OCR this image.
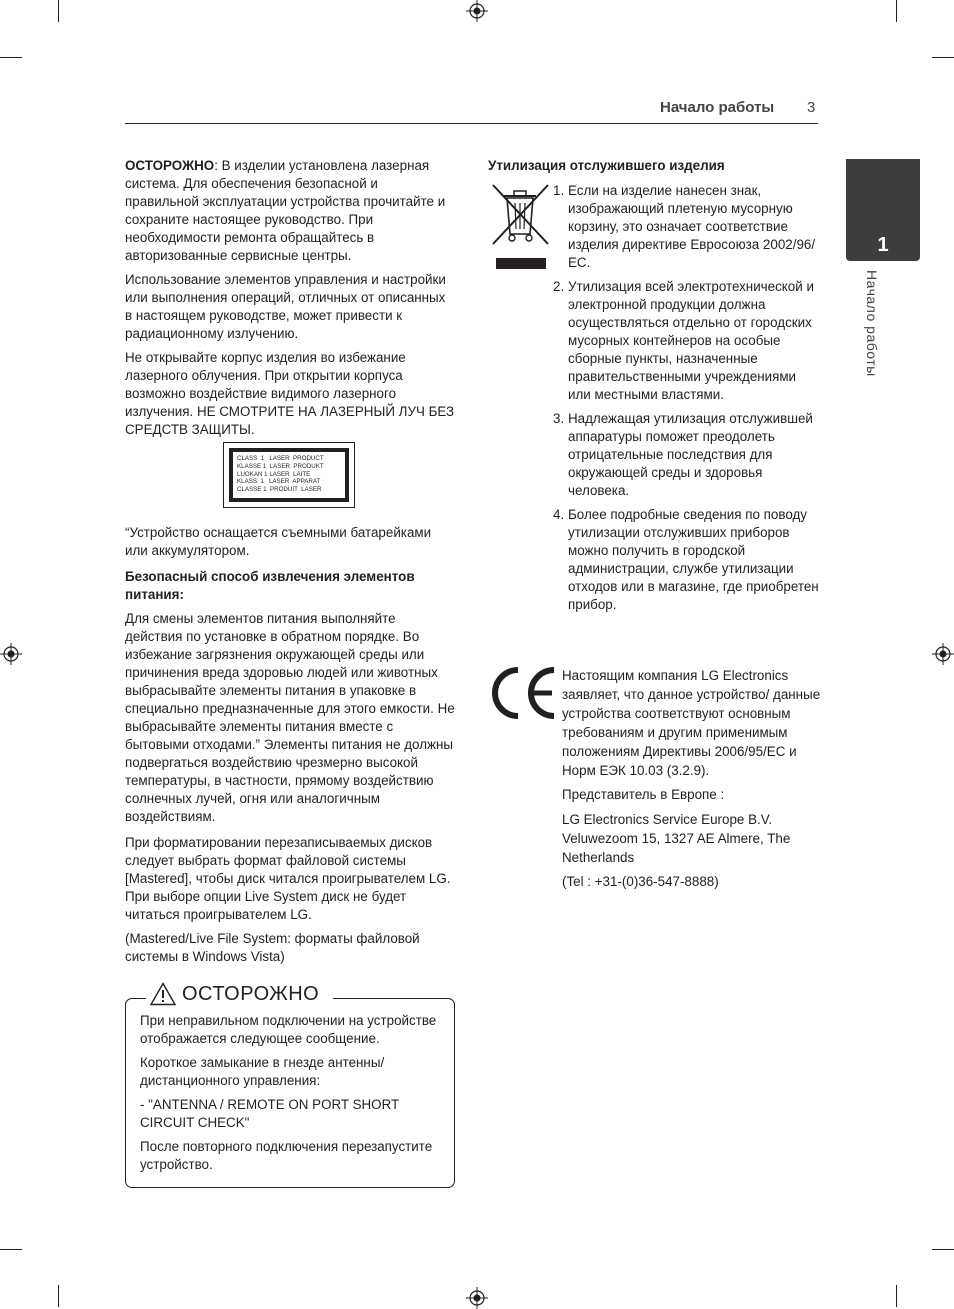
Начало работы 3
1
Начало работы

ОСТОРОЖНО: В изделии установлена лазерная система. Для обеспечения безопасной и правильной эксплуатации устройства прочитайте и сохраните настоящее руководство. При необходимости ремонта обращайтесь в авторизованные сервисные центры.

Использование элементов управления и настройки или выполнения операций, отличных от описанных в настоящем руководстве, может привести к радиационному излучению.

Не открывайте корпус изделия во избежание лазерного облучения. При открытии корпуса возможно воздействие видимого лазерного излучения. НЕ СМОТРИТЕ НА ЛАЗЕРНЫЙ ЛУЧ БЕЗ СРЕДСТВ ЗАЩИТЫ.

CLASS  1   LASER  PRODUCT
KLASSE 1  LASER  PRODUKT
LUOKAN 1 LASER  LAITE
KLASS  1   LASER  APPARAT
CLASSE 1  PRODUIT  LASER

“Устройство оснащается съемными батарейками или аккумулятором.

Безопасный способ извлечения элементов питания:

Для смены элементов питания выполняйте действия по установке в обратном порядке. Во избежание загрязнения окружающей среды или причинения вреда здоровью людей или животных выбрасывайте элементы питания в упаковке в специально предназначенные для этого емкости. Не выбрасывайте элементы питания вместе с бытовыми отходами.” Элементы питания не должны подвергаться воздействию чрезмерно высокой температуры, в частности, прямому воздействию солнечных лучей, огня или аналогичным воздействиям.

При форматировании перезаписываемых дисков следует выбрать формат файловой системы [Mastered], чтобы диск читался проигрывателем LG. При выборе опции Live System диск не будет читаться проигрывателем LG.

(Mastered/Live File System: форматы файловой системы в Windows Vista)

ОСТОРОЖНО

При неправильном подключении на устройстве отображается следующее сообщение.

Короткое замыкание в гнезде антенны/ дистанционного управления:

- "ANTENNA / REMOTE ON PORT SHORT
CIRCUIT CHECK"

После повторного подключения перезапустите устройство.

Утилизация отслужившего изделия
1. Если на изделие нанесен знак, изображающий плетеную мусорную корзину, это означает соответствие изделия директиве Евросоюза 2002/96/ЕС.
2. Утилизация всей электротехнической и электронной продукции должна осуществляться отдельно от городских мусорных контейнеров на особые сборные пункты, назначенные правительственными учреждениями или местными властями.
3. Надлежащая утилизация отслужившей аппаратуры поможет преодолеть отрицательные последствия для окружающей среды и здоровья человека.
4. Более подробные сведения по поводу утилизации отслуживших приборов можно получить в городской администрации, службе утилизации отходов или в магазине, где приобретен прибор.

Настоящим компания LG Electronics заявляет, что данное устройство/ данные устройства соответствуют основным требованиям и другим применимым положениям Директивы 2006/95/EC и Норм ЕЭК 10.03 (3.2.9).

Представитель в Европе :

LG Electronics Service Europe B.V. Veluwezoom 15, 1327 AE Almere, The Netherlands

(Tel : +31-(0)36-547-8888)
